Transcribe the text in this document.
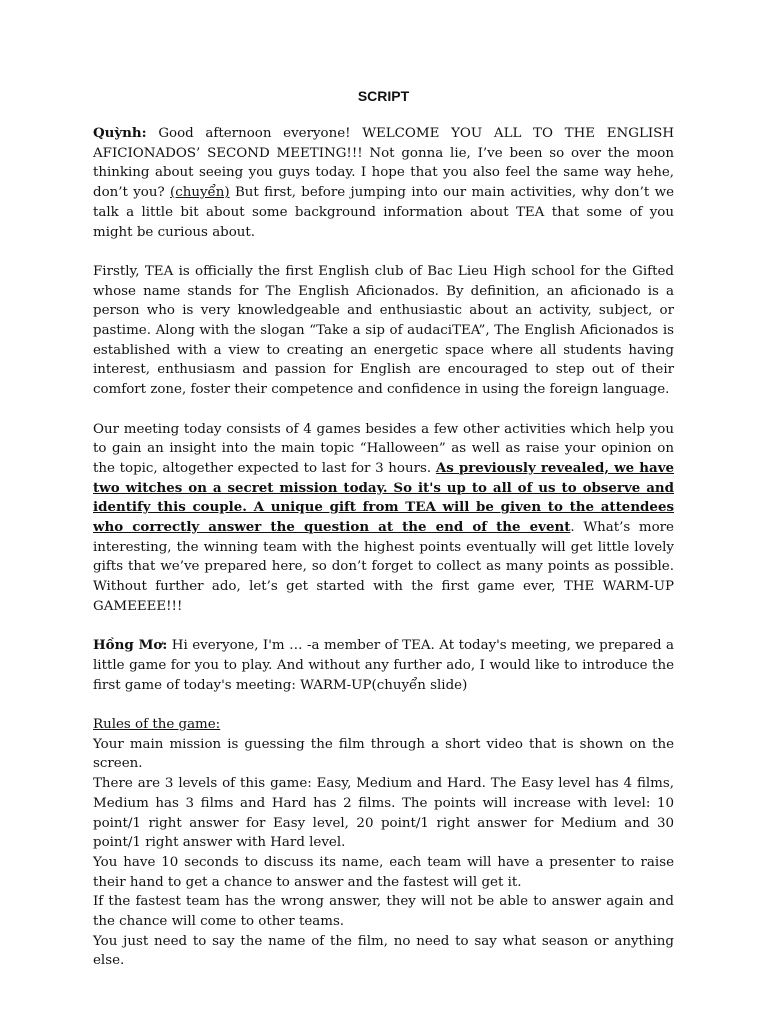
SCRIPT

Quỳnh: Good afternoon everyone! WELCOME YOU ALL TO THE ENGLISH AFICIONADOS’ SECOND MEETING!!! Not gonna lie, I’ve been so over the moon thinking about seeing you guys today. I hope that you also feel the same way hehe, don’t you? (chuyển) But first, before jumping into our main activities, why don’t we talk a little bit about some background information about TEA that some of you might be curious about.

Firstly, TEA is officially the first English club of Bac Lieu High school for the Gifted whose name stands for The English Aficionados. By definition, an aficionado is a person who is very knowledgeable and enthusiastic about an activity, subject, or pastime. Along with the slogan “Take a sip of audaciTEA”, The English Aficionados is established with a view to creating an energetic space where all students having interest, enthusiasm and passion for English are encouraged to step out of their comfort zone, foster their competence and confidence in using the foreign language.

Our meeting today consists of 4 games besides a few other activities which help you to gain an insight into the main topic “Halloween” as well as raise your opinion on the topic, altogether expected to last for 3 hours. As previously revealed, we have two witches on a secret mission today. So it's up to all of us to observe and identify this couple. A unique gift from TEA will be given to the attendees who correctly answer the question at the end of the event. What’s more interesting, the winning team with the highest points eventually will get little lovely gifts that we’ve prepared here, so don’t forget to collect as many points as possible. Without further ado, let’s get started with the first game ever, THE WARM-UP GAMEEEE!!!

Hồng Mơ: Hi everyone, I'm … -a member of TEA. At today's meeting, we prepared a little game for you to play. And without any further ado, I would like to introduce the first game of today's meeting: WARM-UP(chuyển slide)

Rules of the game:

Your main mission is guessing the film through a short video that is shown on the screen.

There are 3 levels of this game: Easy, Medium and Hard. The Easy level has 4 films, Medium has 3 films and Hard has 2 films. The points will increase with level: 10 point/1 right answer for Easy level, 20 point/1 right answer for Medium and 30 point/1 right answer with Hard level.

You have 10 seconds to discuss its name, each team will have a presenter to raise their hand to get a chance to answer and the fastest will get it.

If the fastest team has the wrong answer, they will not be able to answer again and the chance will come to other teams.

You just need to say the name of the film, no need to say what season or anything else.
